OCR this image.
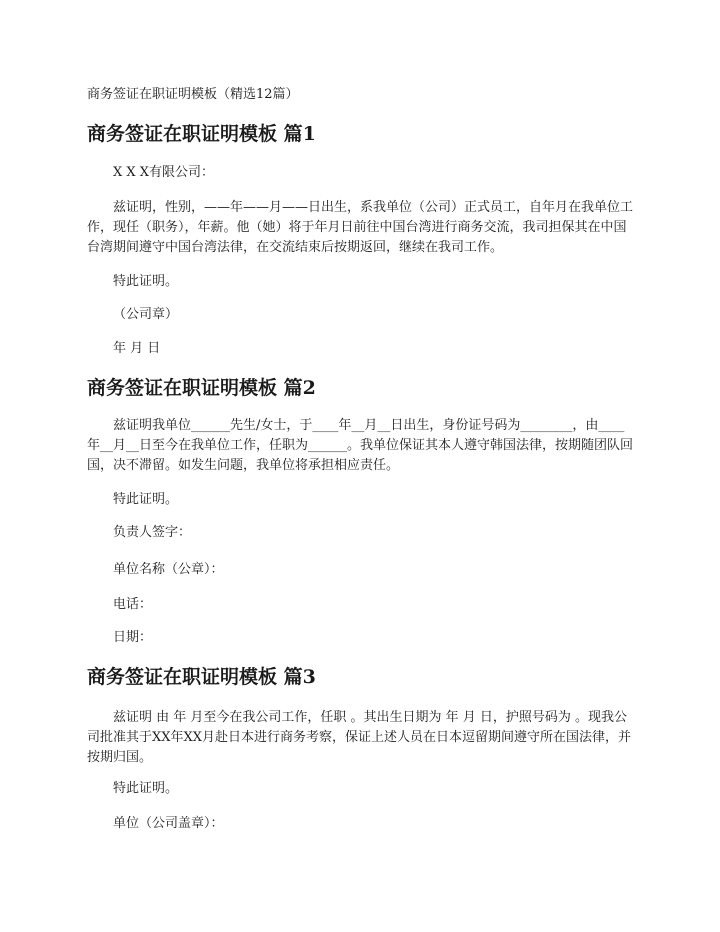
商务签证在职证明模板（精选12篇）
商务签证在职证明模板 篇1
X X X有限公司：

兹证明，性别，——年——月——日出生，系我单位（公司）正式员工，自年月在我单位工作，现任（职务），年薪。他（她）将于年月日前往中国台湾进行商务交流，我司担保其在中国台湾期间遵守中国台湾法律，在交流结束后按期返回，继续在我司工作。

特此证明。
（公司章）
年 月 日
商务签证在职证明模板 篇2

兹证明我单位______先生/女士，于____年__月__日出生，身份证号码为________，由____年__月__日至今在我单位工作，任职为______。我单位保证其本人遵守韩国法律，按期随团队回国，决不滞留。如发生问题，我单位将承担相应责任。

特此证明。
负责人签字：
单位名称（公章）：
电话：
日期：
商务签证在职证明模板 篇3

兹证明 由 年 月至今在我公司工作，任职 。其出生日期为 年 月 日，护照号码为 。现我公司批准其于XX年XX月赴日本进行商务考察，保证上述人员在日本逗留期间遵守所在国法律，并按期归国。

特此证明。
单位（公司盖章）：
